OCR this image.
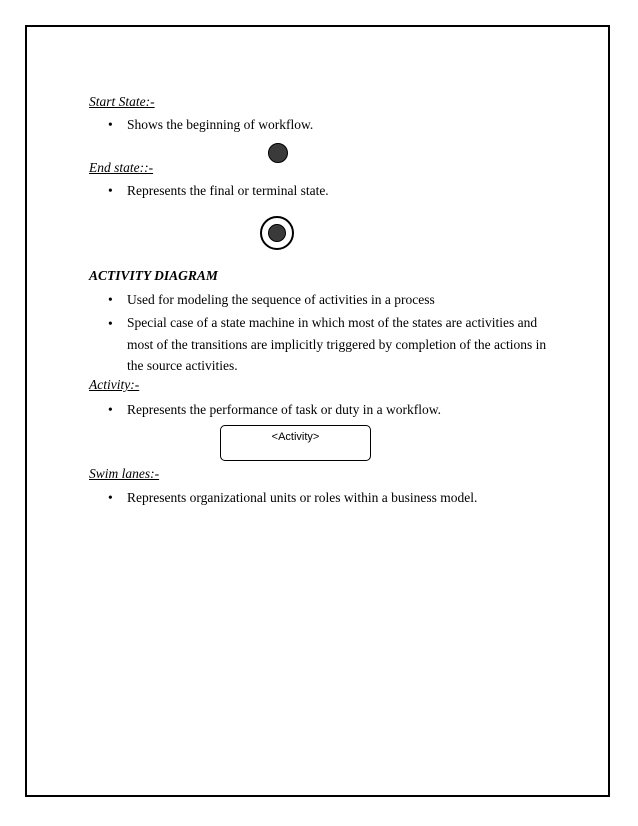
Start State:-
• Shows the beginning of workflow.
End state::-
• Represents the final or terminal state.
ACTIVITY DIAGRAM
• Used for modeling the sequence of activities in a process
• Special case of a state machine in which most of the states are activities and most of the transitions are implicitly triggered by completion of the actions in the source activities.
Activity:-
• Represents the performance of task or duty in a workflow.
<Activity>
Swim lanes:-
• Represents organizational units or roles within a business model.
